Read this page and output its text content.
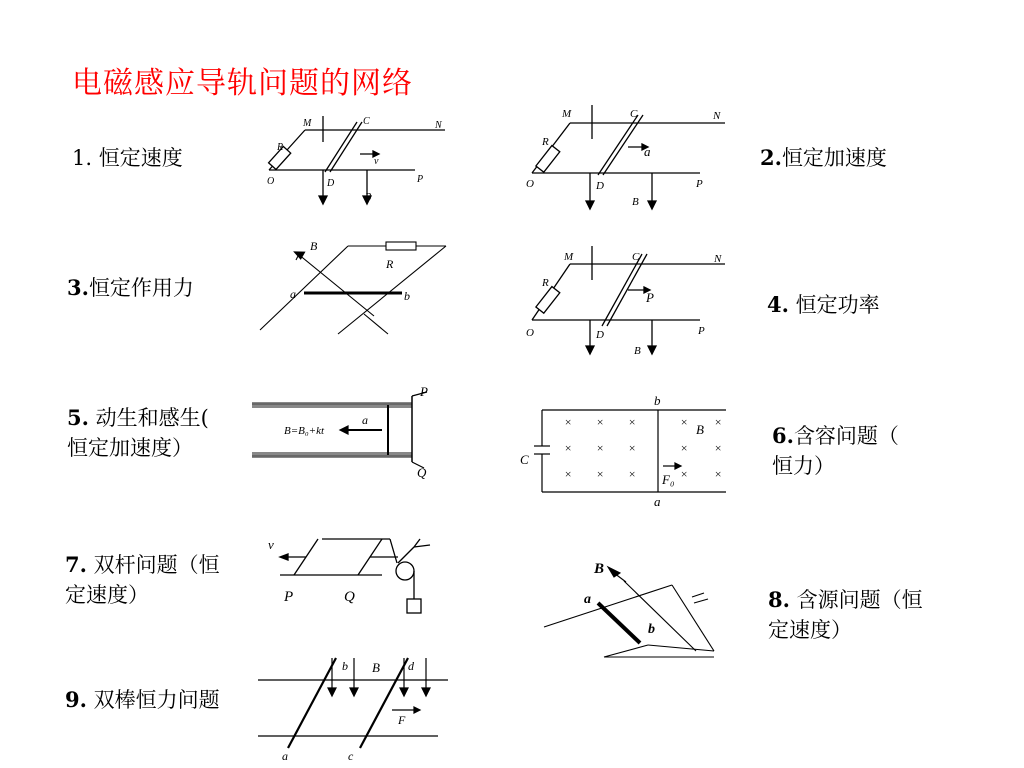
电磁感应导轨问题的网络
1. 恒定速度	2.恒定加速度
3.恒定作用力
4. 恒定功率
5. 动生和感生(
恒定加速度）	6.含容问题（
恒力）
7. 双杆问题（恒
定速度）	8. 含源问题（恒
定速度）
9. 双棒恒力问题
M	C	N
R
v
O	D	P
B
M	C	N
R
a
O	D	P
B
B
R
a	b
M	C	N
R
P
O	D	P
B
B=B₀+kt
a
P
Q
× × ×	× ×
× × ×	× ×
× × ×	× ×
b
a
C
B
F₀
v
P	Q
B
a
b
b B d
F
a	c
